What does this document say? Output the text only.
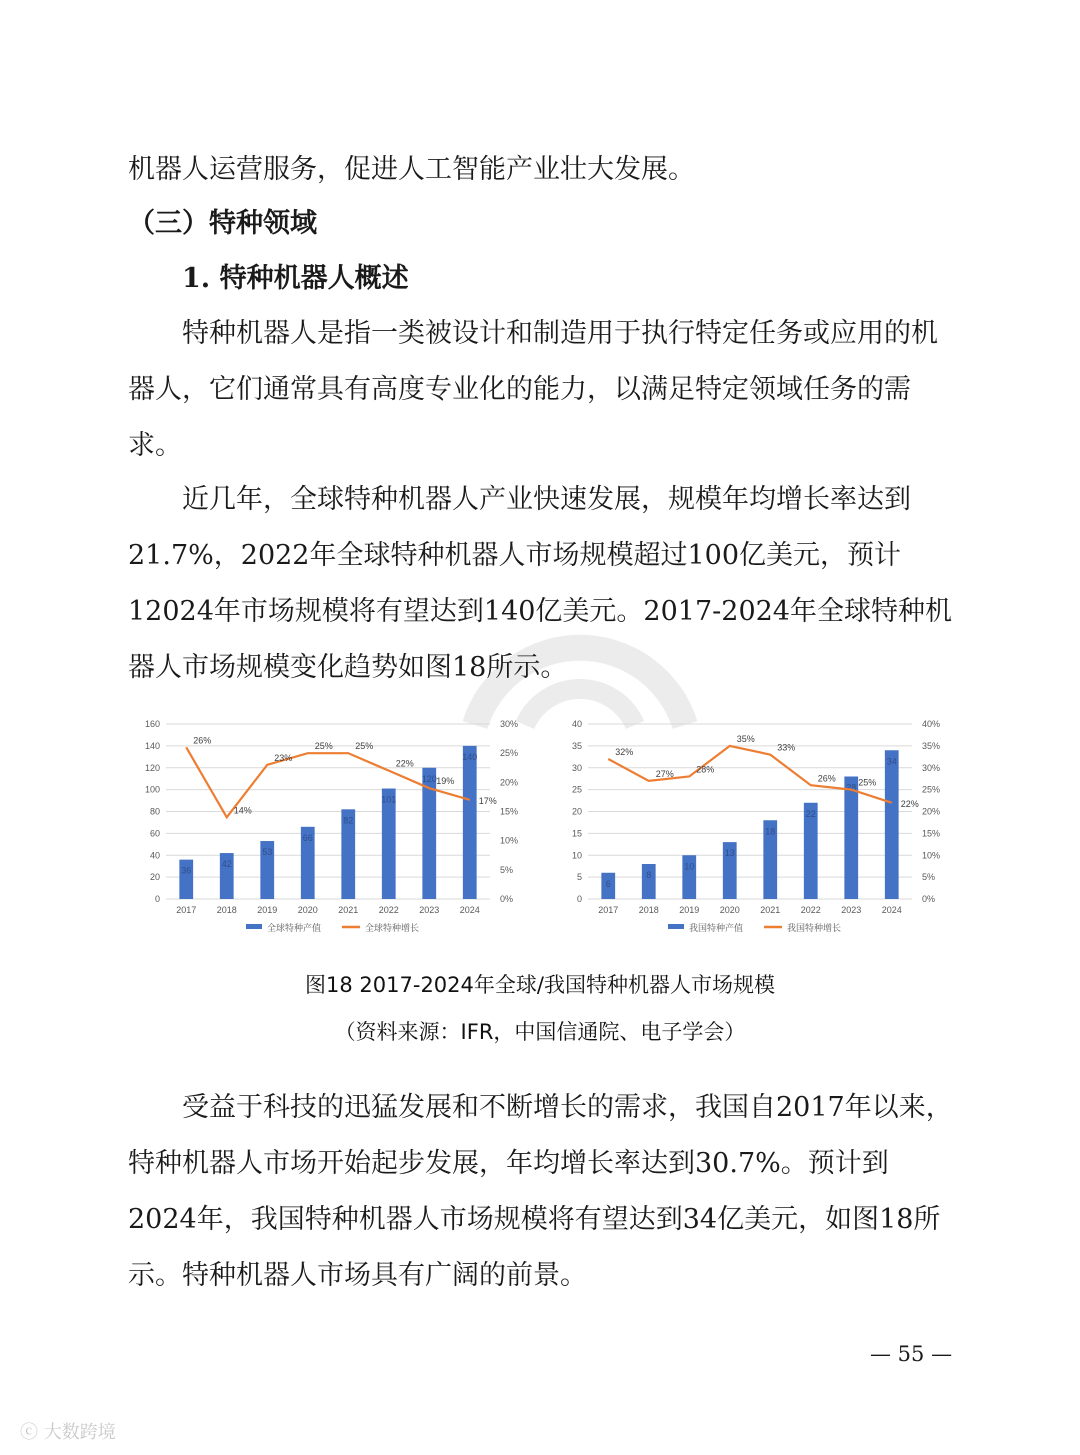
机器人运营服务，促进人工智能产业壮大发展。

（三）特种领域

1. 特种机器人概述

特种机器人是指一类被设计和制造用于执行特定任务或应用的机器人，它们通常具有高度专业化的能力，以满足特定领域任务的需求。

近几年，全球特种机器人产业快速发展，规模年均增长率达到21.7%，2022年全球特种机器人市场规模超过100亿美元，预计12024年市场规模将有望达到140亿美元。2017-2024年全球特种机器人市场规模变化趋势如图18所示。

0
20
40
60
80
100
120
140
160
0%
5%
10%
15%
20%
25%
30%
36
2017
42
2018
53
2019
66
2020
82
2021
101
2022
120
2023
140
2024
26%
14%
23%
25% 25%
22%
19%
17%
全球特种产值	全球特种增长
0
5
10
15
20
25
30
35
40
0%
5%
10%
15%
20%
25%
30%
35%
40%
6
2017
8
2018
10
2019
13
2020
18
2021
22
2022
28
2023
34
2024
32%
27% 28%
35%
33%
26% 25%
22%
我国特种产值	我国特种增长
图18 2017-2024年全球/我国特种机器人市场规模
（资料来源：IFR，中国信通院、电子学会）

受益于科技的迅猛发展和不断增长的需求，我国自2017年以来，特种机器人市场开始起步发展，年均增长率达到30.7%。预计到2024年，我国特种机器人市场规模将有望达到34亿美元，如图18所示。特种机器人市场具有广阔的前景。

— 55 —
ⓒ 大数跨境
